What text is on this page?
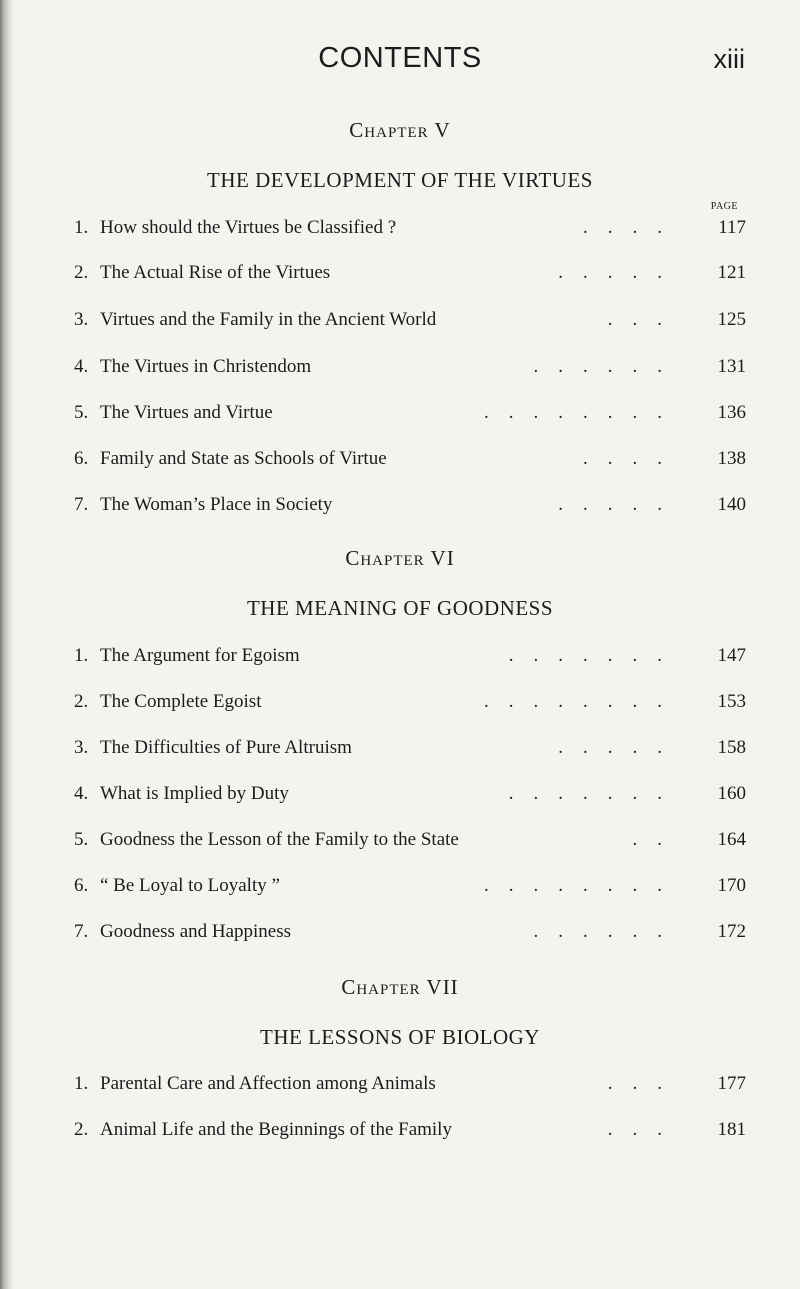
CONTENTS	xiii
Chapter V
THE DEVELOPMENT OF THE VIRTUES
PAGE
1. How should the Virtues be Classified ?	....	117
2. The Actual Rise of the Virtues	.....	121
3. Virtues and the Family in the Ancient World	...	125
4. The Virtues in Christendom	......	131
5. The Virtues and Virtue	........	136
6. Family and State as Schools of Virtue	....	138
7. The Woman’s Place in Society	.....	140
Chapter VI
THE MEANING OF GOODNESS
1. The Argument for Egoism	.......	147
2. The Complete Egoist	........	153
3. The Difficulties of Pure Altruism	.....	158
4. What is Implied by Duty	.......	160
5. Goodness the Lesson of the Family to the State	..	164
6. “ Be Loyal to Loyalty ”	........	170
7. Goodness and Happiness	......	172
Chapter VII
THE LESSONS OF BIOLOGY
1. Parental Care and Affection among Animals	...	177
2. Animal Life and the Beginnings of the Family	...	181
